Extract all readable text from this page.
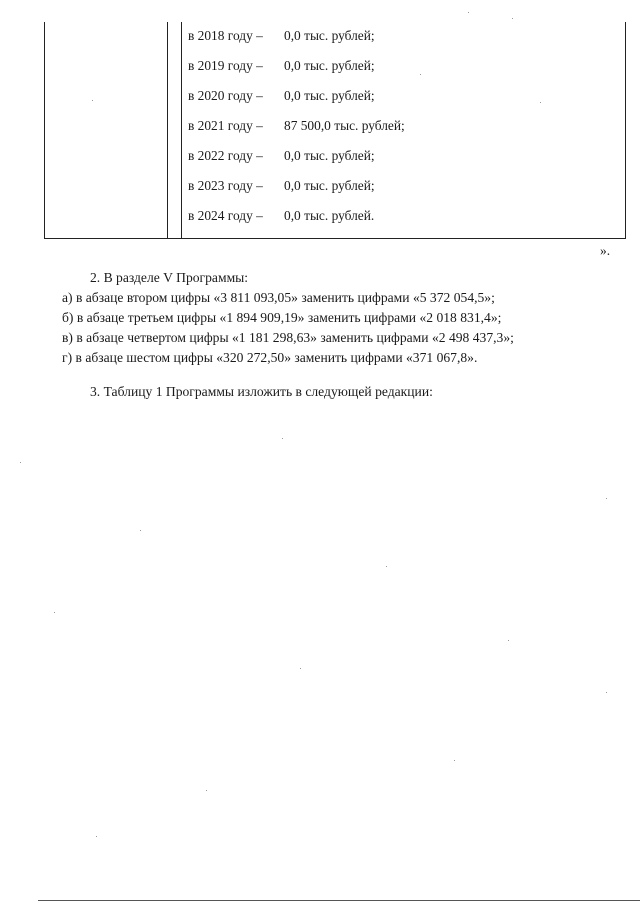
в 2018 году – 0,0 тыс. рублей;
в 2019 году – 0,0 тыс. рублей;
в 2020 году – 0,0 тыс. рублей;
в 2021 году – 87 500,0 тыс. рублей;
в 2022 году – 0,0 тыс. рублей;
в 2023 году – 0,0 тыс. рублей;
в 2024 году – 0,0 тыс. рублей.
».
2. В разделе V Программы:
а) в абзаце втором цифры «3 811 093,05» заменить цифрами «5 372 054,5»;
б) в абзаце третьем цифры «1 894 909,19» заменить цифрами «2 018 831,4»;
в) в абзаце четвертом цифры «1 181 298,63» заменить цифрами «2 498 437,3»;
г) в абзаце шестом цифры «320 272,50» заменить цифрами «371 067,8».
3. Таблицу 1 Программы изложить в следующей редакции:
